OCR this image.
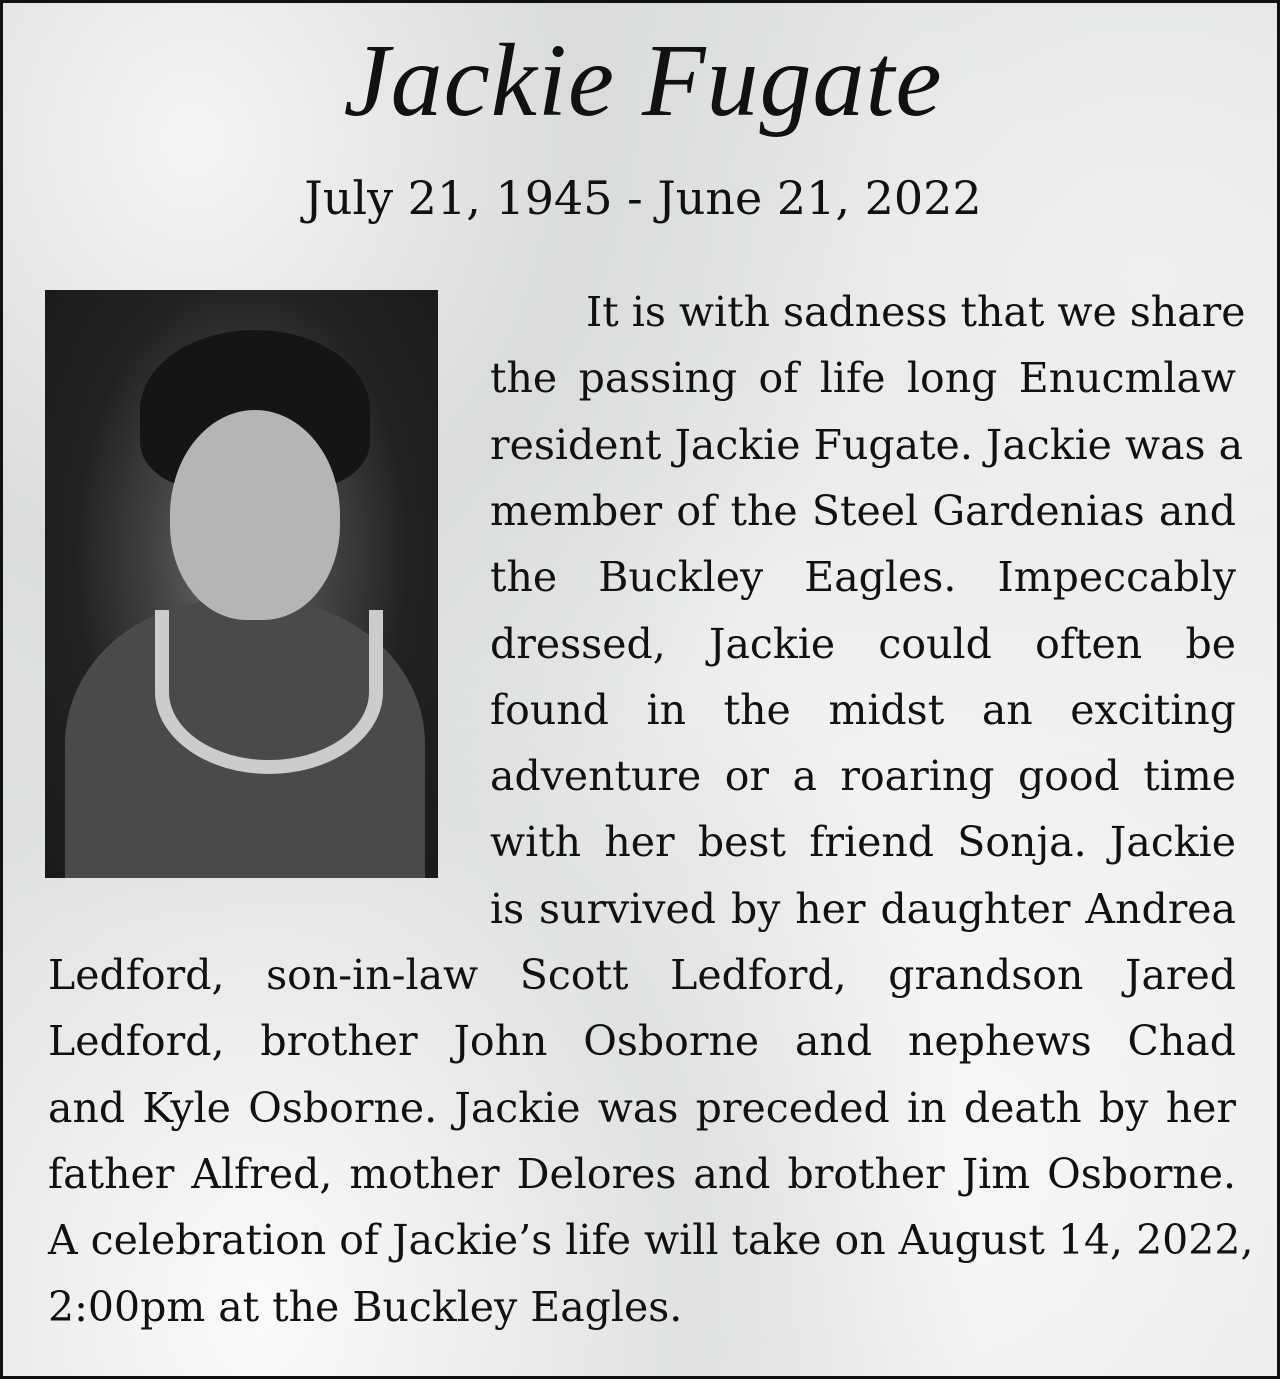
Jackie Fugate
July 21, 1945 - June 21, 2022
It is with sadness that we share
the passing of life long Enucmlaw
resident Jackie Fugate. Jackie was a
member of the Steel Gardenias and
the Buckley Eagles. Impeccably
dressed, Jackie could often be
found in the midst an exciting
adventure or a roaring good time
with her best friend Sonja. Jackie
is survived by her daughter Andrea
Ledford, son-in-law Scott Ledford, grandson Jared
Ledford, brother John Osborne and nephews Chad
and Kyle Osborne. Jackie was preceded in death by her
father Alfred, mother Delores and brother Jim Osborne.
A celebration of Jackie’s life will take on August 14, 2022,
2:00pm at the Buckley Eagles.
